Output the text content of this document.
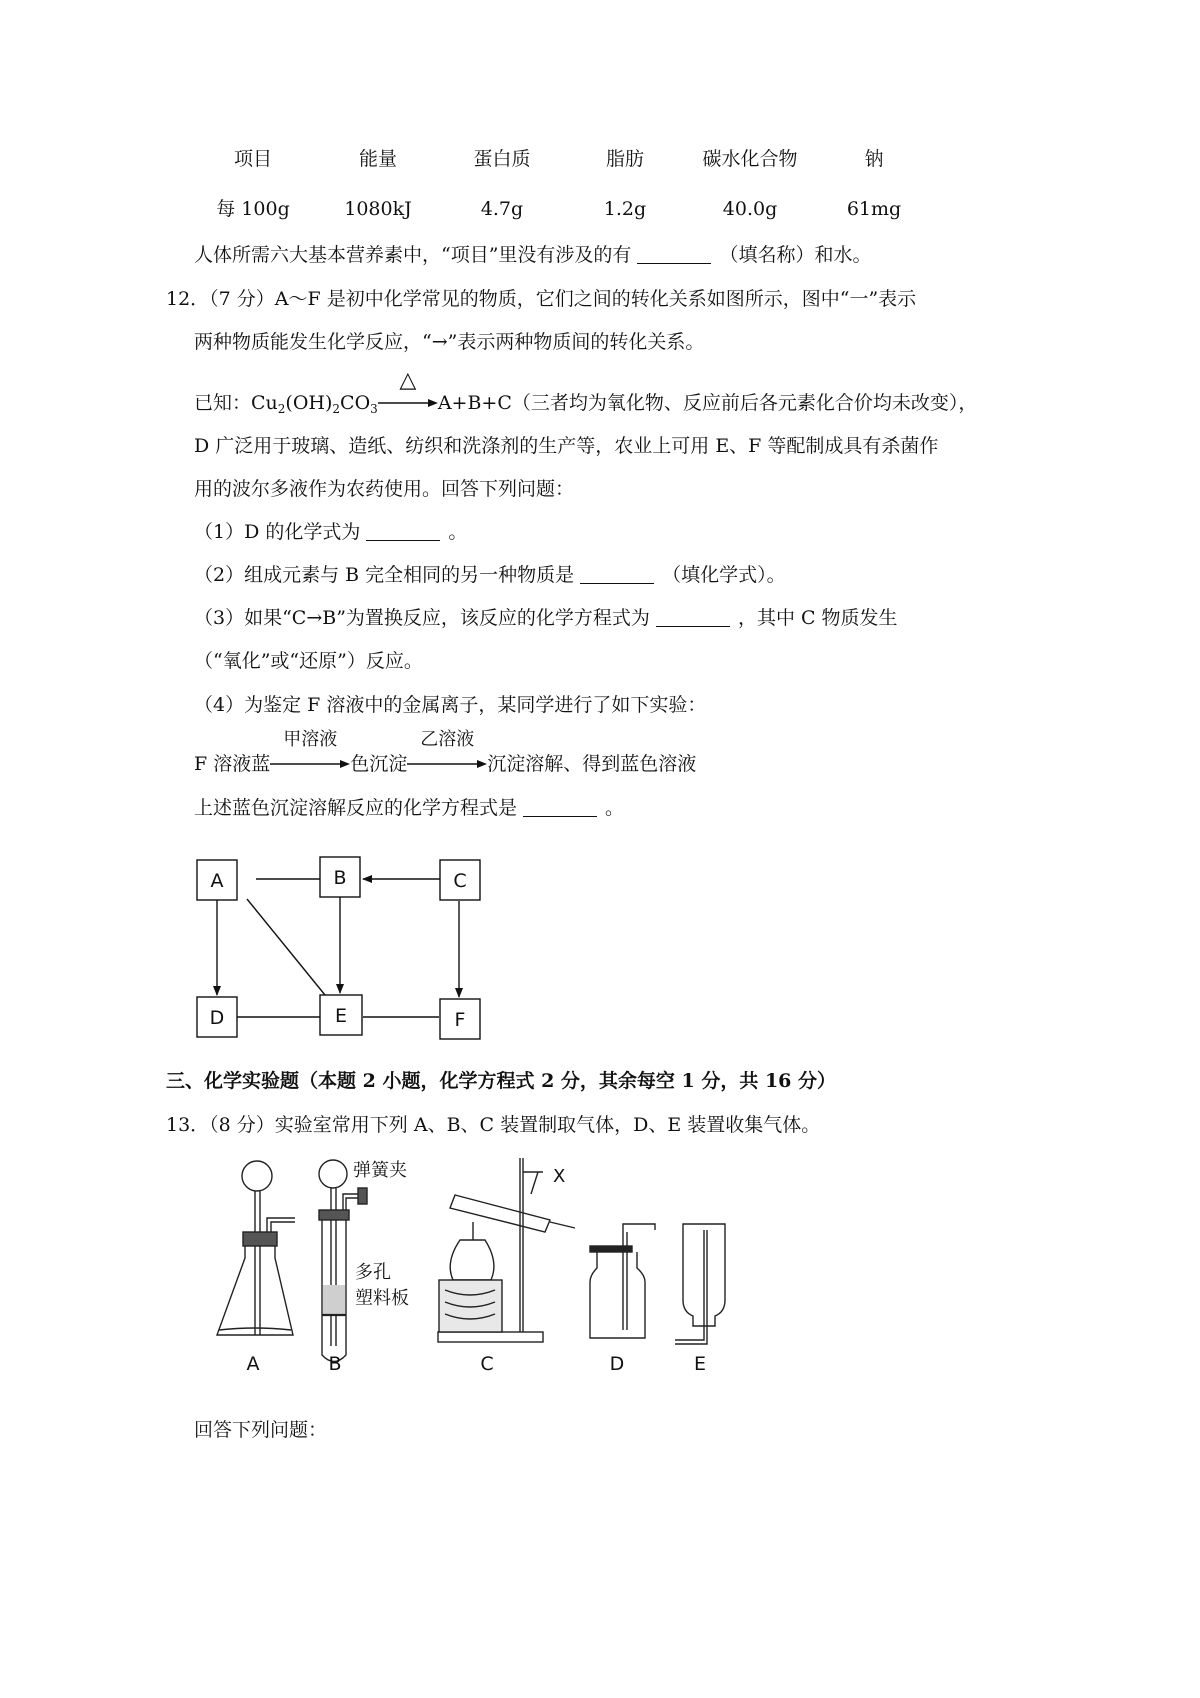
项目	能量	蛋白质	脂肪	碳水化合物	钠
每 100g	1080kJ	4.7g	1.2g	40.0g	61mg
人体所需六大基本营养素中，“项目”里没有涉及的有	（填名称）和水。
12．（7 分）A～F 是初中化学常见的物质，它们之间的转化关系如图所示，图中“一”表示
两种物质能发生化学反应，“→”表示两种物质间的转化关系。
已知：$Cu_2(OH)_2CO_3$
△
A+B+C（三者均为氧化物、反应前后各元素化合价均未改变），
D 广泛用于玻璃、造纸、纺织和洗涤剂的生产等，农业上可用 E、F 等配制成具有杀菌作
用的波尔多液作为农药使用。回答下列问题：
（1）D 的化学式为	。
（2）组成元素与 B 完全相同的另一种物质是	（填化学式）。
（3）如果“C→B”为置换反应，该反应的化学方程式为	，其中 C 物质发生
（“氧化”或“还原”）反应。
（4）为鉴定 F 溶液中的金属离子，某同学进行了如下实验：
F 溶液蓝
甲溶液
色沉淀
乙溶液
沉淀溶解、得到蓝色溶液
上述蓝色沉淀溶解反应的化学方程式是	。
A	B	C
D	E	F
三、化学实验题（本题 2 小题，化学方程式 2 分，其余每空 1 分，共 16 分）
13．（8 分）实验室常用下列 A、B、C 装置制取气体，D、E 装置收集气体。
弹簧夹
多孔
塑料板
X
A	B	C	D	E
回答下列问题：
